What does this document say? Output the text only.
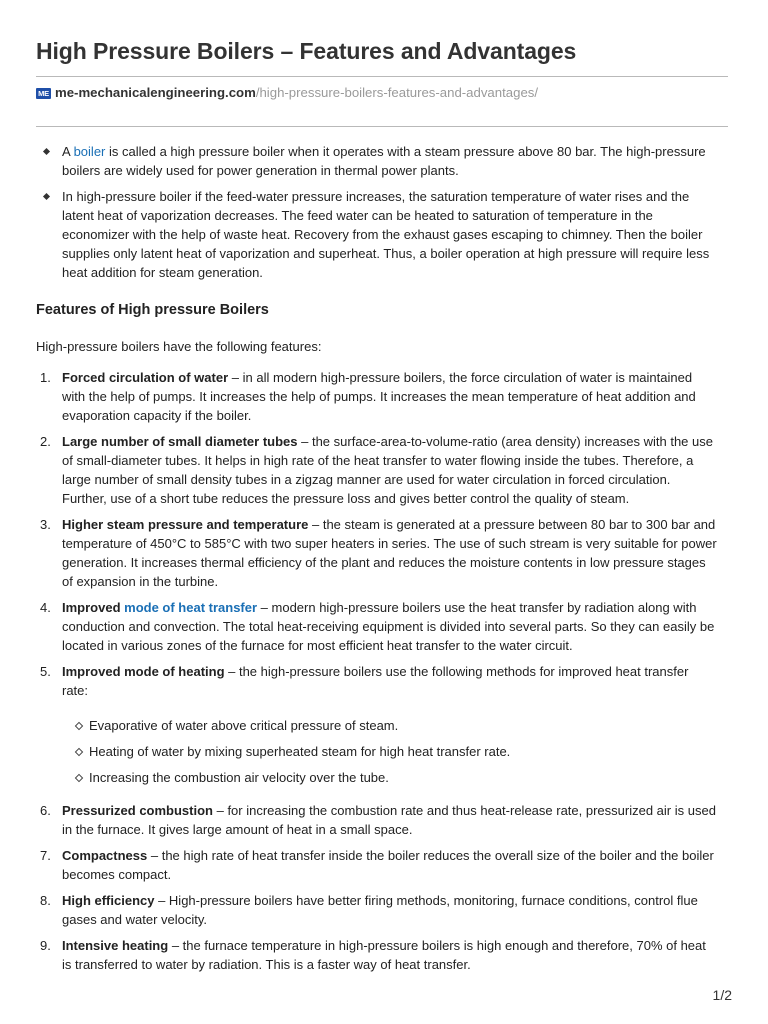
High Pressure Boilers – Features and Advantages
ME me-mechanicalengineering.com/high-pressure-boilers-features-and-advantages/
A boiler is called a high pressure boiler when it operates with a steam pressure above 80 bar. The high-pressure boilers are widely used for power generation in thermal power plants.
In high-pressure boiler if the feed-water pressure increases, the saturation temperature of water rises and the latent heat of vaporization decreases. The feed water can be heated to saturation of temperature in the economizer with the help of waste heat. Recovery from the exhaust gases escaping to chimney. Then the boiler supplies only latent heat of vaporization and superheat. Thus, a boiler operation at high pressure will require less heat addition for steam generation.
Features of High pressure Boilers

High-pressure boilers have the following features:

1. Forced circulation of water – in all modern high-pressure boilers, the force circulation of water is maintained with the help of pumps. It increases the help of pumps. It increases the mean temperature of heat addition and evaporation capacity if the boiler.
2. Large number of small diameter tubes – the surface-area-to-volume-ratio (area density) increases with the use of small-diameter tubes. It helps in high rate of the heat transfer to water flowing inside the tubes. Therefore, a large number of small density tubes in a zigzag manner are used for water circulation in forced circulation. Further, use of a short tube reduces the pressure loss and gives better control the quality of steam.
3. Higher steam pressure and temperature – the steam is generated at a pressure between 80 bar to 300 bar and temperature of 450°C to 585°C with two super heaters in series. The use of such stream is very suitable for power generation. It increases thermal efficiency of the plant and reduces the moisture contents in low pressure stages of expansion in the turbine.
4. Improved mode of heat transfer – modern high-pressure boilers use the heat transfer by radiation along with conduction and convection. The total heat-receiving equipment is divided into several parts. So they can easily be located in various zones of the furnace for most efficient heat transfer to the water circuit.
5. Improved mode of heating – the high-pressure boilers use the following methods for improved heat transfer rate:
Evaporative of water above critical pressure of steam.
Heating of water by mixing superheated steam for high heat transfer rate.
Increasing the combustion air velocity over the tube.
6. Pressurized combustion – for increasing the combustion rate and thus heat-release rate, pressurized air is used in the furnace. It gives large amount of heat in a small space.
7. Compactness – the high rate of heat transfer inside the boiler reduces the overall size of the boiler and the boiler becomes compact.
8. High efficiency – High-pressure boilers have better firing methods, monitoring, furnace conditions, control flue gases and water velocity.
9. Intensive heating – the furnace temperature in high-pressure boilers is high enough and therefore, 70% of heat is transferred to water by radiation. This is a faster way of heat transfer.
1/2
